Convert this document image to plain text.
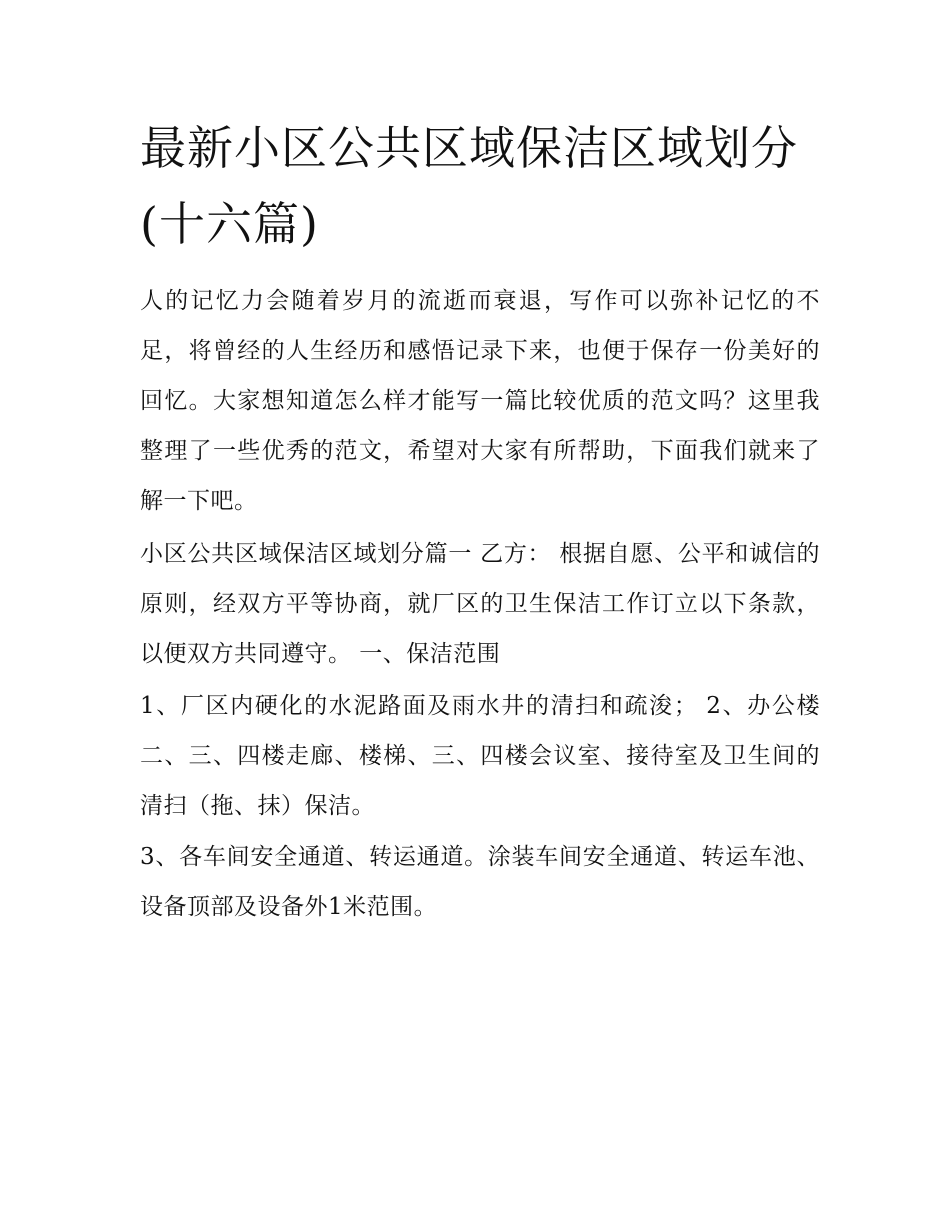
最新小区公共区域保洁区域划分(十六篇)

人的记忆力会随着岁月的流逝而衰退，写作可以弥补记忆的不足，将曾经的人生经历和感悟记录下来，也便于保存一份美好的回忆。大家想知道怎么样才能写一篇比较优质的范文吗？这里我整理了一些优秀的范文，希望对大家有所帮助，下面我们就来了解一下吧。

小区公共区域保洁区域划分篇一 乙方： 根据自愿、公平和诚信的原则，经双方平等协商，就厂区的卫生保洁工作订立以下条款，以便双方共同遵守。 一、保洁范围

1、厂区内硬化的水泥路面及雨水井的清扫和疏浚； 2、办公楼二、三、四楼走廊、楼梯、三、四楼会议室、接待室及卫生间的清扫（拖、抹）保洁。

3、各车间安全通道、转运通道。涂装车间安全通道、转运车池、设备顶部及设备外1米范围。
